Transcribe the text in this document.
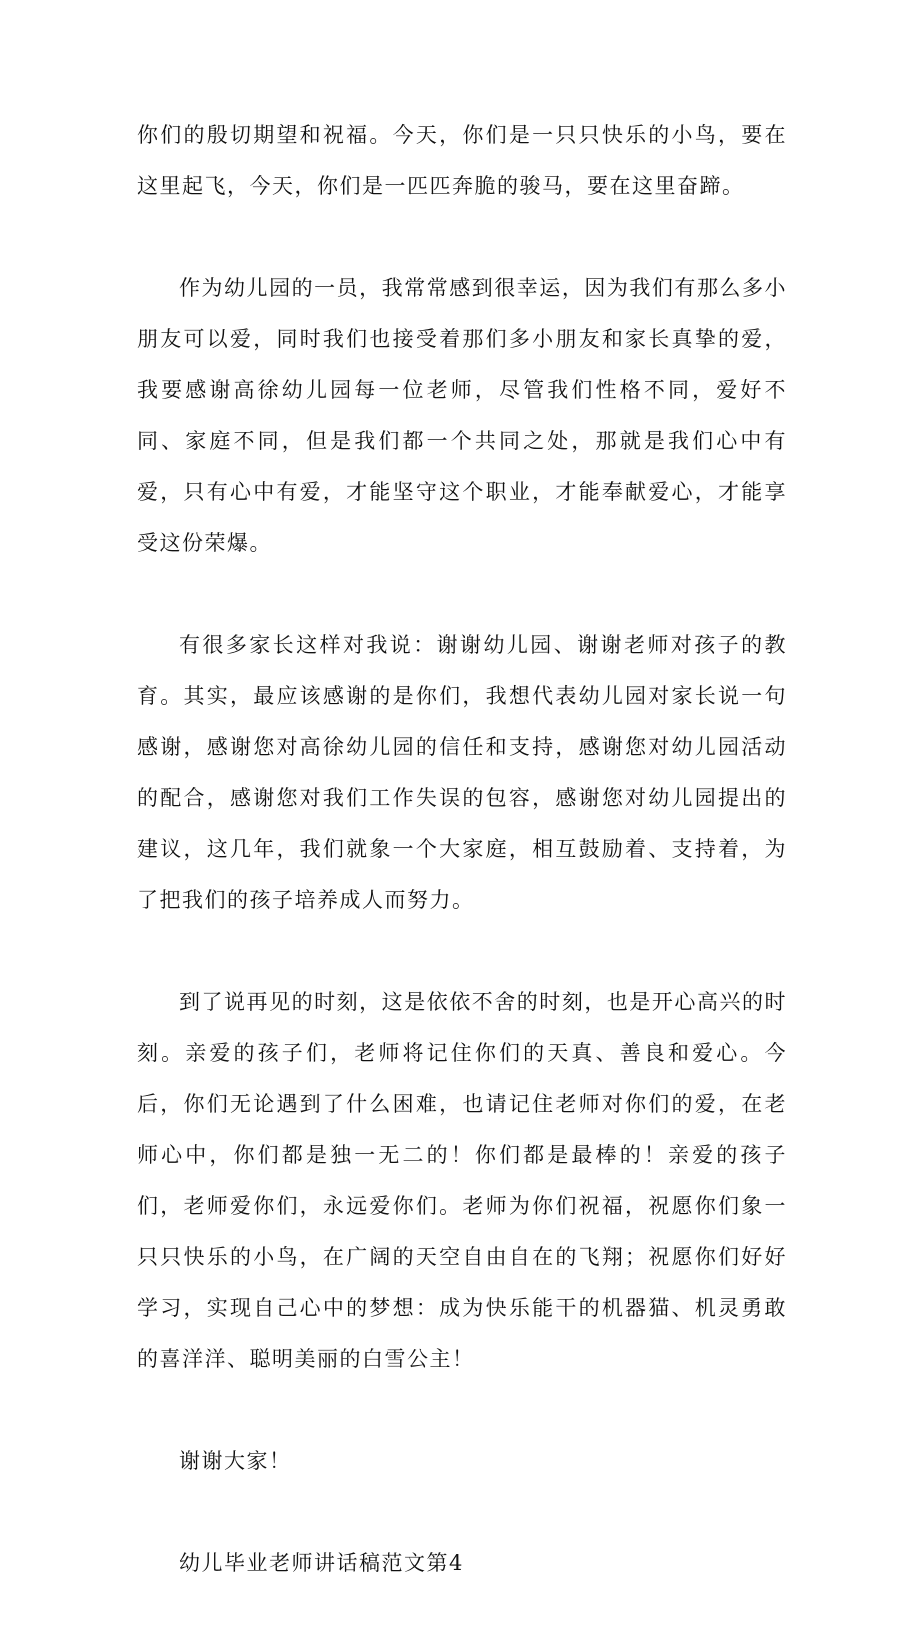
你们的殷切期望和祝福。今天，你们是一只只快乐的小鸟，要在这里起飞，今天，你们是一匹匹奔脆的骏马，要在这里奋蹄。

作为幼儿园的一员，我常常感到很幸运，因为我们有那么多小朋友可以爱，同时我们也接受着那们多小朋友和家长真挚的爱，我要感谢高徐幼儿园每一位老师，尽管我们性格不同，爱好不同、家庭不同，但是我们都一个共同之处，那就是我们心中有爱，只有心中有爱，才能坚守这个职业，才能奉献爱心，才能享受这份荣爆。

有很多家长这样对我说：谢谢幼儿园、谢谢老师对孩子的教育。其实，最应该感谢的是你们，我想代表幼儿园对家长说一句感谢，感谢您对高徐幼儿园的信任和支持，感谢您对幼儿园活动的配合，感谢您对我们工作失误的包容，感谢您对幼儿园提出的建议，这几年，我们就象一个大家庭，相互鼓励着、支持着，为了把我们的孩子培养成人而努力。

到了说再见的时刻，这是依依不舍的时刻，也是开心高兴的时刻。亲爱的孩子们，老师将记住你们的天真、善良和爱心。今后，你们无论遇到了什么困难，也请记住老师对你们的爱，在老师心中，你们都是独一无二的！你们都是最棒的！亲爱的孩子们，老师爱你们，永远爱你们。老师为你们祝福，祝愿你们象一只只快乐的小鸟，在广阔的天空自由自在的飞翔；祝愿你们好好学习，实现自己心中的梦想：成为快乐能干的机器猫、机灵勇敢的喜洋洋、聪明美丽的白雪公主！

谢谢大家！

幼儿毕业老师讲话稿范文第4
